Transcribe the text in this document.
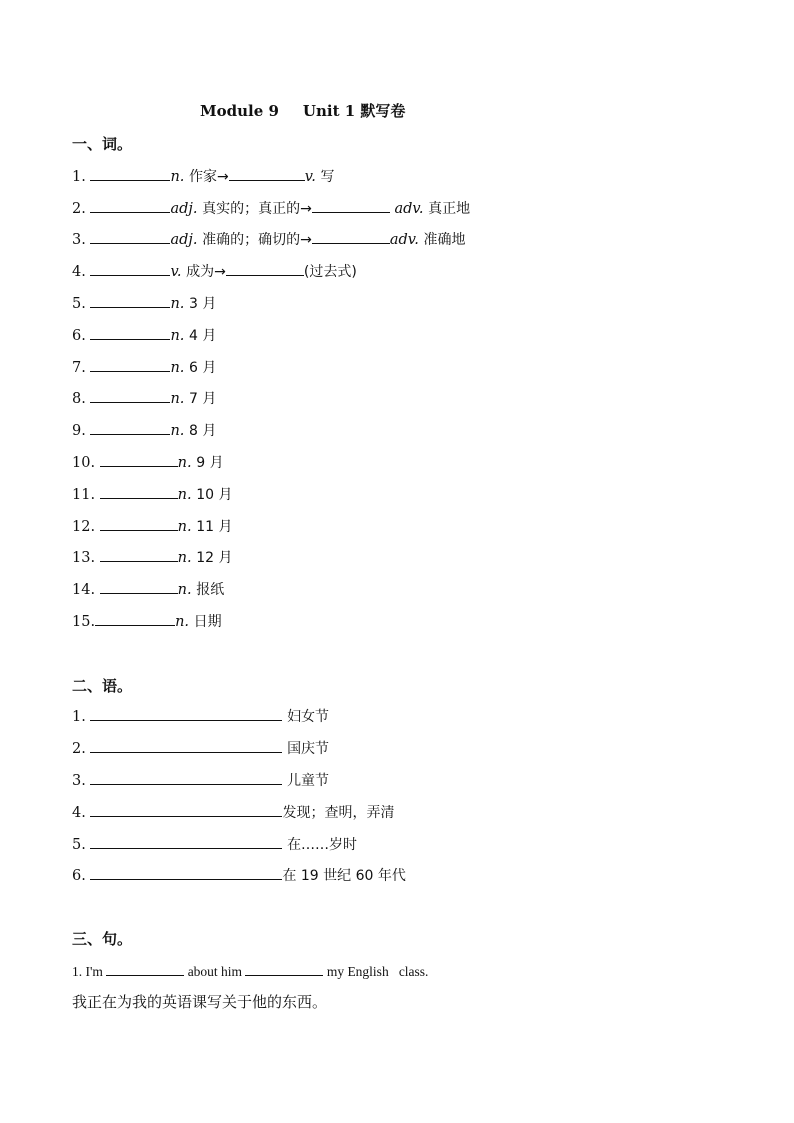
Module 9 Unit 1 默写卷
一、词。
1.	n. 作家→	v. 写
2.	adj. 真实的；真正的→	adv. 真正地
3.	adj. 准确的；确切的→	adv. 准确地
4.	v. 成为→	(过去式)
5.	n. 3 月
6.	n. 4 月
7.	n. 6 月
8.	n. 7 月
9.	n. 8 月
10.	n. 9 月
11.	n. 10 月
12.	n. 11 月
13.	n. 12 月
14.	n. 报纸
15.	n. 日期
二、语。
1.	妇女节
2.	国庆节
3.	儿童节
4.	发现；查明，弄清
5.	在……岁时
6.	在 19 世纪 60 年代
三、句。
1. I'm	about him	my English   class.
我正在为我的英语课写关于他的东西。
